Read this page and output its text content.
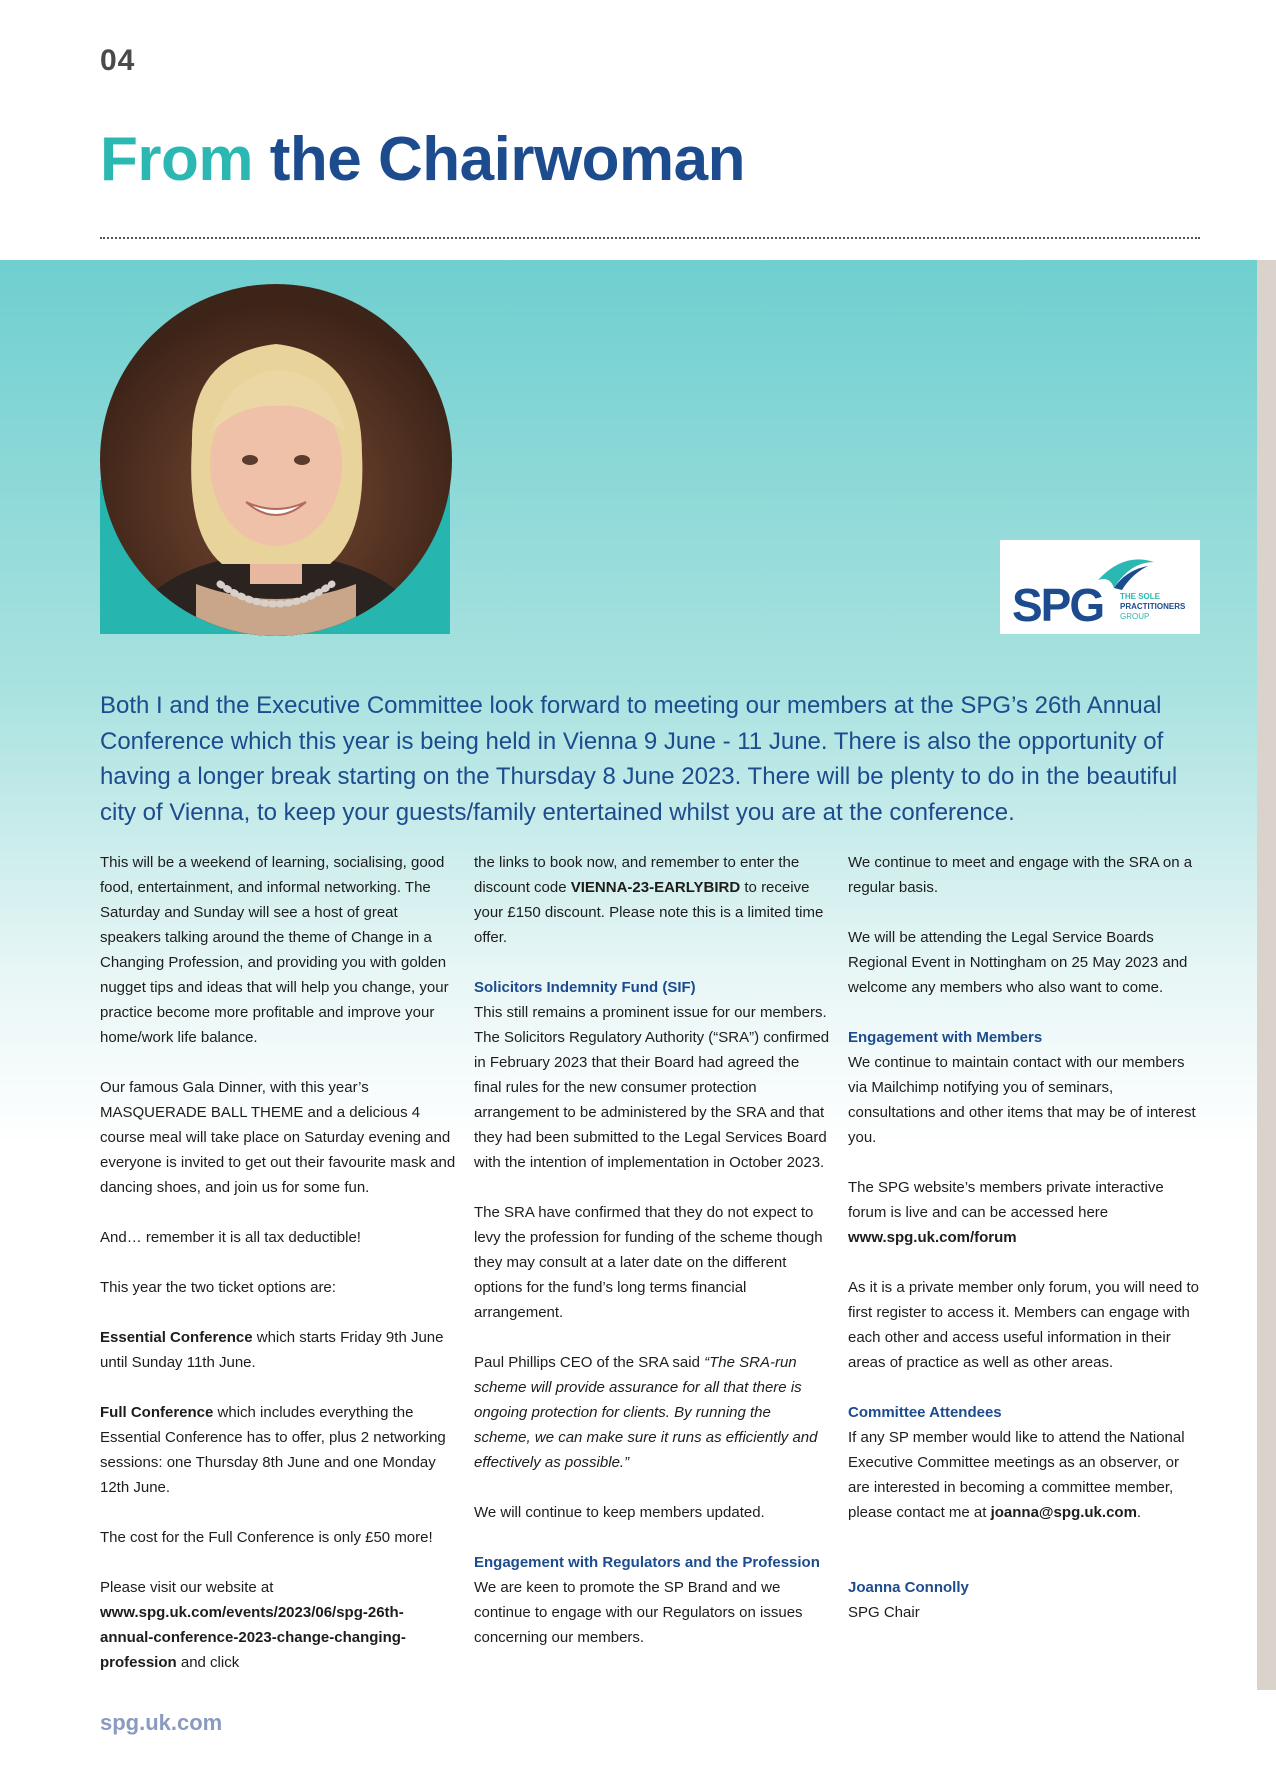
04
From the Chairwoman
SPG THE SOLE
PRACTITIONERS
GROUP

Both I and the Executive Committee look forward to meeting our members at the SPG’s 26th Annual Conference which this year is being held in Vienna 9 June - 11 June. There is also the opportunity of having a longer break starting on the Thursday 8 June 2023. There will be plenty to do in the beautiful city of Vienna, to keep your guests/family entertained whilst you are at the conference.

This will be a weekend of learning, socialising, good food, entertainment, and informal networking. The Saturday and Sunday will see a host of great speakers talking around the theme of Change in a Changing Profession, and providing you with golden nugget tips and ideas that will help you change, your practice become more profitable and improve your home/work life balance.

Our famous Gala Dinner, with this year’s MASQUERADE BALL THEME and a delicious 4 course meal will take place on Saturday evening and everyone is invited to get out their favourite mask and dancing shoes, and join us for some fun.

And… remember it is all tax deductible!

This year the two ticket options are:

Essential Conference which starts Friday 9th June until Sunday 11th June.

Full Conference which includes everything the Essential Conference has to offer, plus 2 networking sessions: one Thursday 8th June and one Monday 12th June.

The cost for the Full Conference is only £50 more!

Please visit our website at www.spg.uk.com/events/2023/06/spg-26th-annual-conference-2023-change-changing-profession and click

the links to book now, and remember to enter the discount code VIENNA-23-EARLYBIRD to receive your £150 discount. Please note this is a limited time offer.

Solicitors Indemnity Fund (SIF)
This still remains a prominent issue for our members. The Solicitors Regulatory Authority (“SRA”) confirmed in February 2023 that their Board had agreed the final rules for the new consumer protection arrangement to be administered by the SRA and that they had been submitted to the Legal Services Board with the intention of implementation in October 2023.

The SRA have confirmed that they do not expect to levy the profession for funding of the scheme though they may consult at a later date on the different options for the fund’s long terms financial arrangement.

Paul Phillips CEO of the SRA said “The SRA-run scheme will provide assurance for all that there is ongoing protection for clients. By running the scheme, we can make sure it runs as efficiently and effectively as possible.”

We will continue to keep members updated.

Engagement with Regulators and the Profession
We are keen to promote the SP Brand and we continue to engage with our Regulators on issues concerning our members.

We continue to meet and engage with the SRA on a regular basis.

We will be attending the Legal Service Boards Regional Event in Nottingham on 25 May 2023 and welcome any members who also want to come.

Engagement with Members
We continue to maintain contact with our members via Mailchimp notifying you of seminars, consultations and other items that may be of interest you.

The SPG website’s members private interactive forum is live and can be accessed here www.spg.uk.com/forum

As it is a private member only forum, you will need to first register to access it. Members can engage with each other and access useful information in their areas of practice as well as other areas.

Committee Attendees
If any SP member would like to attend the National Executive Committee meetings as an observer, or are interested in becoming a committee member, please contact me at joanna@spg.uk.com.

Joanna Connolly
SPG Chair

spg.uk.com
